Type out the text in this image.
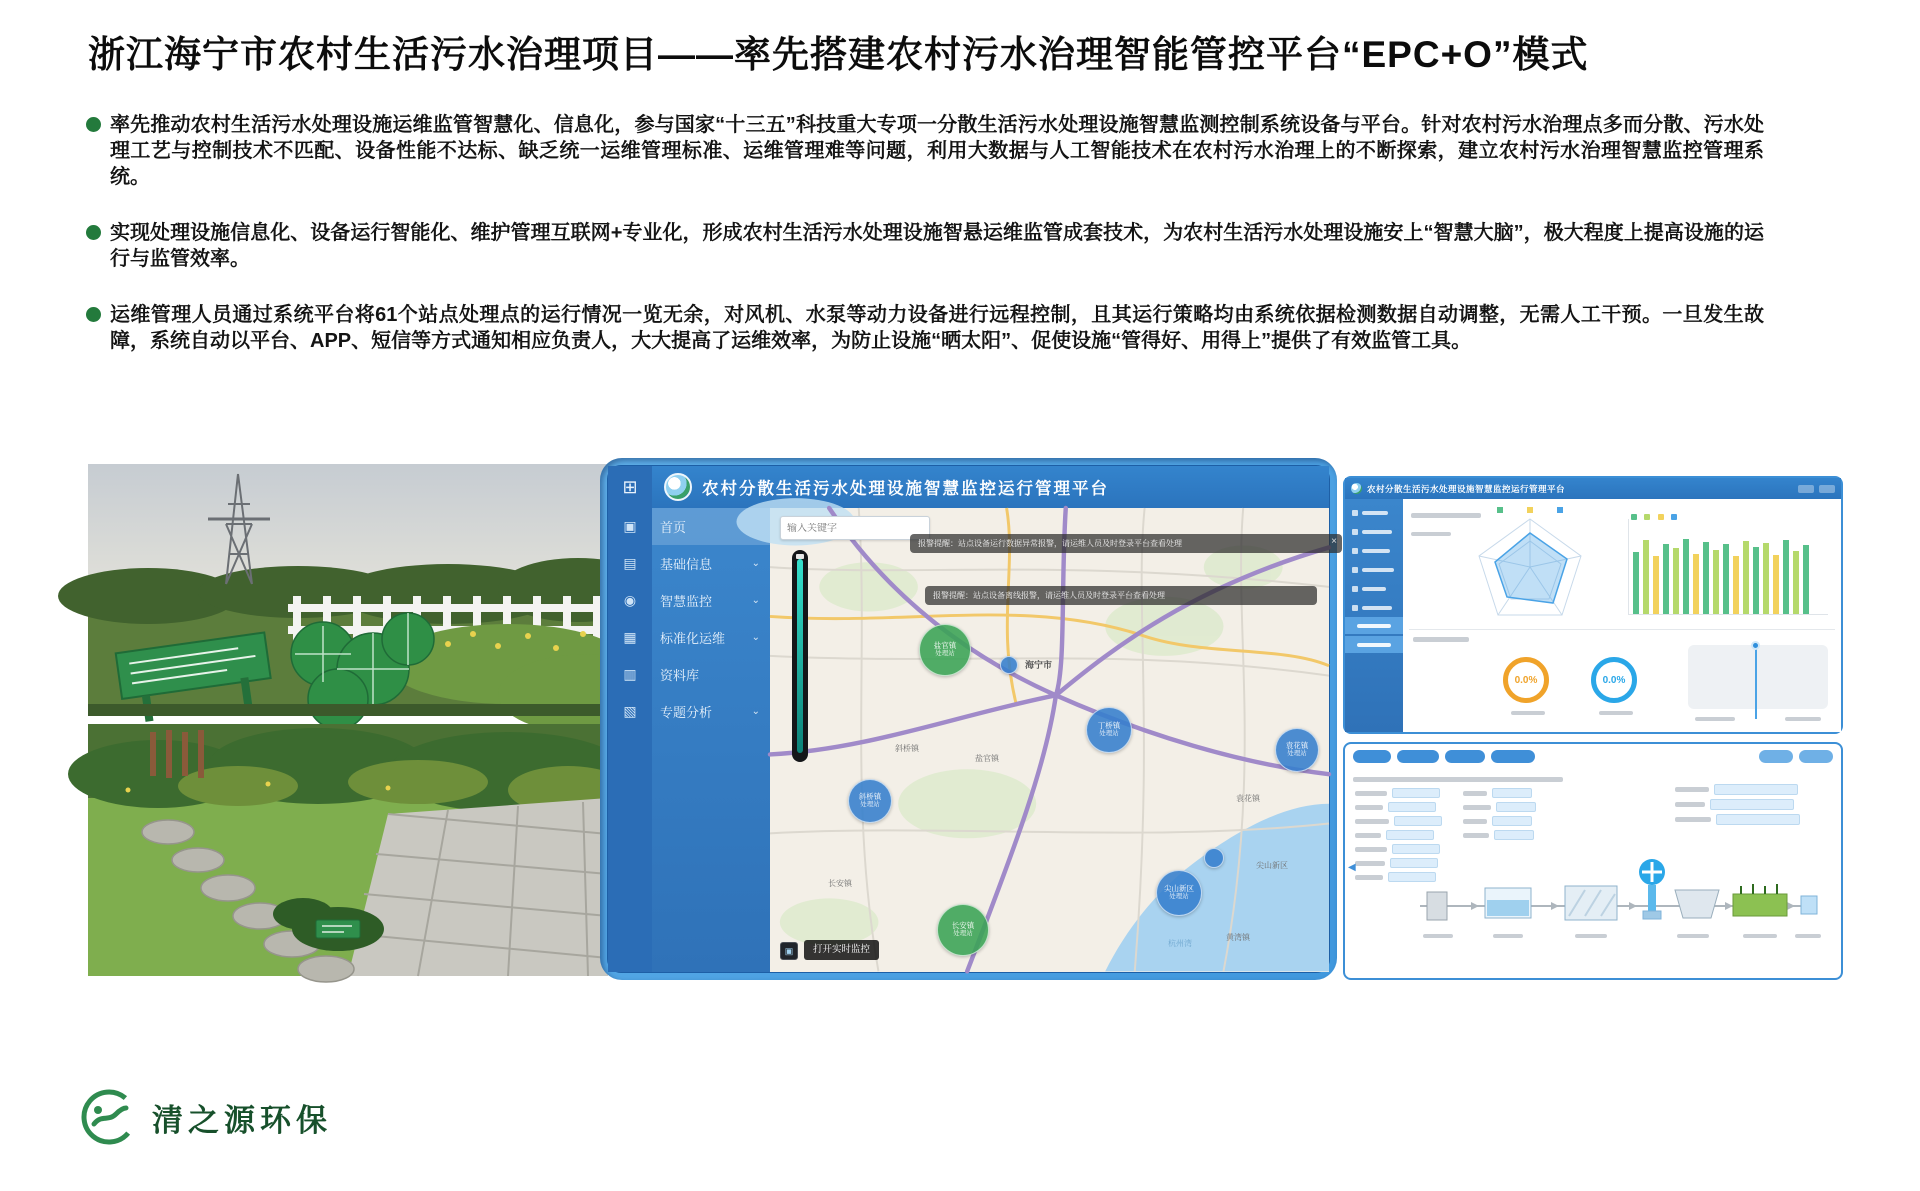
浙江海宁市农村生活污水治理项目——率先搭建农村污水治理智能管控平台“EPC+O”模式

率先推动农村生活污水处理设施运维监管智慧化、信息化，参与国家“十三五”科技重大专项一分散生活污水处理设施智慧监测控制系统设备与平台。针对农村污水治理点多而分散、污水处理工艺与控制技术不匹配、设备性能不达标、缺乏统一运维管理标准、运维管理难等问题，利用大数据与人工智能技术在农村污水治理上的不断探索，建立农村污水治理智慧监控管理系统。

实现处理设施信息化、设备运行智能化、维护管理互联网+专业化，形成农村生活污水处理设施智悬运维监管成套技术，为农村生活污水处理设施安上“智慧大脑”，极大程度上提高设施的运行与监管效率。

运维管理人员通过系统平台将61个站点处理点的运行情况一览无余，对风机、水泵等动力设备进行远程控制，且其运行策略均由系统依据检测数据自动调整，无需人工干预。一旦发生故障，系统自动以平台、APP、短信等方式通知相应负责人，大大提高了运维效率，为防止设施“晒太阳”、促使设施“管得好、用得上”提供了有效监管工具。

⊞	农村分散生活污水处理设施智慧监控运行管理平台
▣
▤
◉
▦
▥
▧
首页
基础信息	⌄
智慧监控	⌄
标准化运维	⌄
资料库
专题分析	⌄
输入关键字
×
报警提醒：站点设备运行数据异常报警，请运维人员及时登录平台查看处理
报警提醒：站点设备离线报警，请运维人员及时登录平台查看处理
盐官镇
处理站
丁桥镇
处理站
袁花镇
处理站
斜桥镇
处理站
长安镇
处理站
尖山新区
处理站
海宁市
盐官镇
长安镇
袁花镇
黄湾镇
尖山新区
斜桥镇
杭州湾
▣	打开实时监控
农村分散生活污水处理设施智慧监控运行管理平台

0.0%	0.0%
◀
清之源环保
